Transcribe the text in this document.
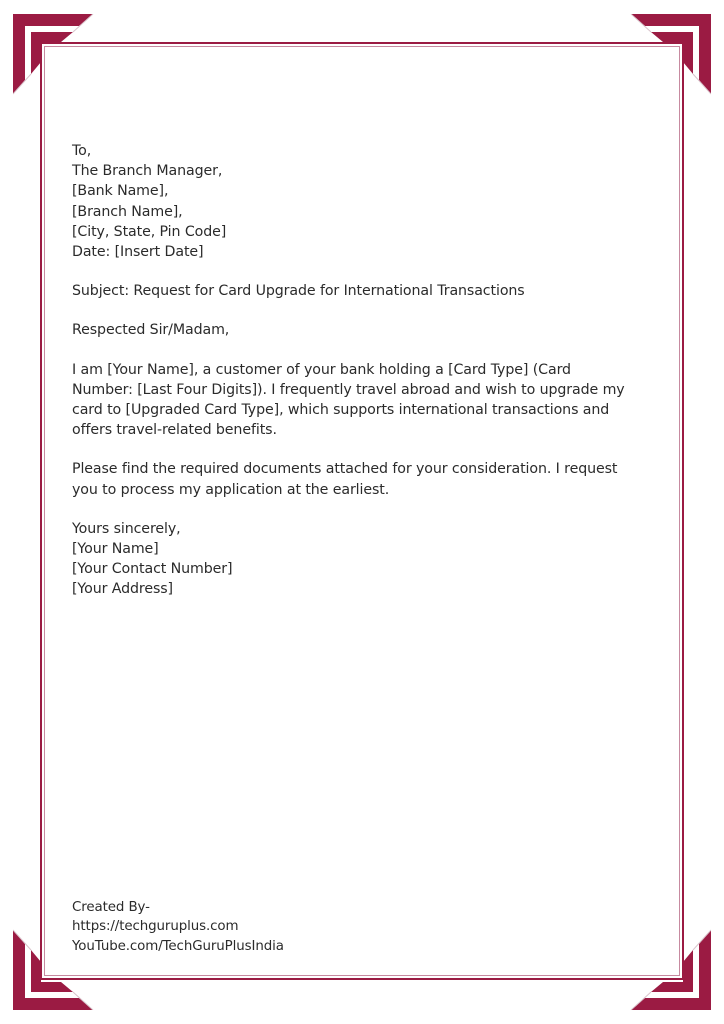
To,
The Branch Manager,
[Bank Name],
[Branch Name],
[City, State, Pin Code]
Date: [Insert Date]
Subject: Request for Card Upgrade for International Transactions
Respected Sir/Madam,
I am [Your Name], a customer of your bank holding a [Card Type] (Card
Number: [Last Four Digits]). I frequently travel abroad and wish to upgrade my
card to [Upgraded Card Type], which supports international transactions and
offers travel-related benefits.
Please find the required documents attached for your consideration. I request
you to process my application at the earliest.
Yours sincerely,
[Your Name]
[Your Contact Number]
[Your Address]
Created By-
https://techguruplus.com
YouTube.com/TechGuruPlusIndia
